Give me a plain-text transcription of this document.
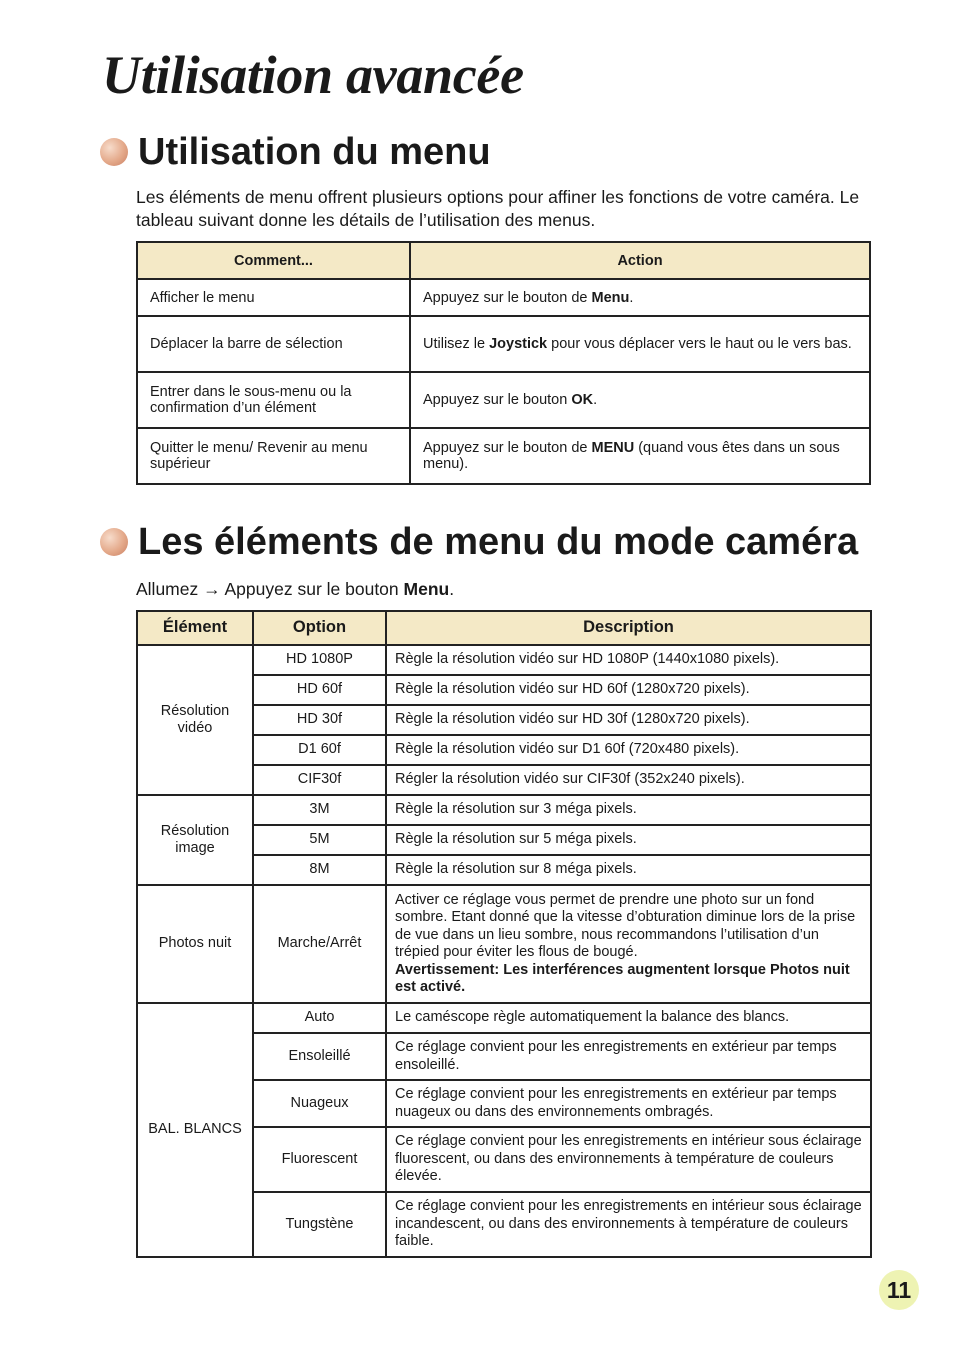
Utilisation avancée
Utilisation du menu

Les éléments de menu offrent plusieurs options pour affiner les fonctions de votre caméra. Le tableau suivant donne les détails de l’utilisation des menus.

Comment...	Action
Afficher le menu	Appuyez sur le bouton de Menu.
Déplacer la barre de sélection	Utilisez le Joystick pour vous déplacer vers le haut ou le vers bas.
Entrer dans le sous-menu ou la confirmation d’un élément	Appuyez sur le bouton OK.
Quitter le menu/ Revenir au menu supérieur	Appuyez sur le bouton de MENU (quand vous êtes dans un sous menu).
Les éléments de menu du mode caméra

Allumez → Appuyez sur le bouton Menu.

Élément	Option	Description
Résolution vidéo	HD 1080P	Règle la résolution vidéo sur HD 1080P (1440x1080 pixels).
	HD 60f	Règle la résolution vidéo sur HD 60f (1280x720 pixels).
	HD 30f	Règle la résolution vidéo sur HD 30f (1280x720 pixels).
	D1 60f	Règle la résolution vidéo sur D1 60f (720x480 pixels).
	CIF30f	Régler la résolution vidéo sur CIF30f (352x240 pixels).
Résolution image	3M	Règle la résolution sur 3 méga pixels.
	5M	Règle la résolution sur 5 méga pixels.
	8M	Règle la résolution sur 8 méga pixels.
Photos nuit	Marche/Arrêt	Activer ce réglage vous permet de prendre une photo sur un fond sombre. Etant donné que la vitesse d’obturation diminue lors de la prise de vue dans un lieu sombre, nous recommandons l’utilisation d’un trépied pour éviter les flous de bougé.
Avertissement: Les interférences augmentent lorsque Photos nuit est activé.

BAL. BLANCS	Auto	Le caméscope règle automatiquement la balance des blancs.
	Ensoleillé	Ce réglage convient pour les enregistrements en extérieur par temps ensoleillé.
	Nuageux	Ce réglage convient pour les enregistrements en extérieur par temps nuageux ou dans des environnements ombragés.
	Fluorescent	Ce réglage convient pour les enregistrements en intérieur sous éclairage fluorescent, ou dans des environnements à température de couleurs élevée.
	Tungstène	Ce réglage convient pour les enregistrements en intérieur sous éclairage incandescent, ou dans des environnements à température de couleurs faible.
11
